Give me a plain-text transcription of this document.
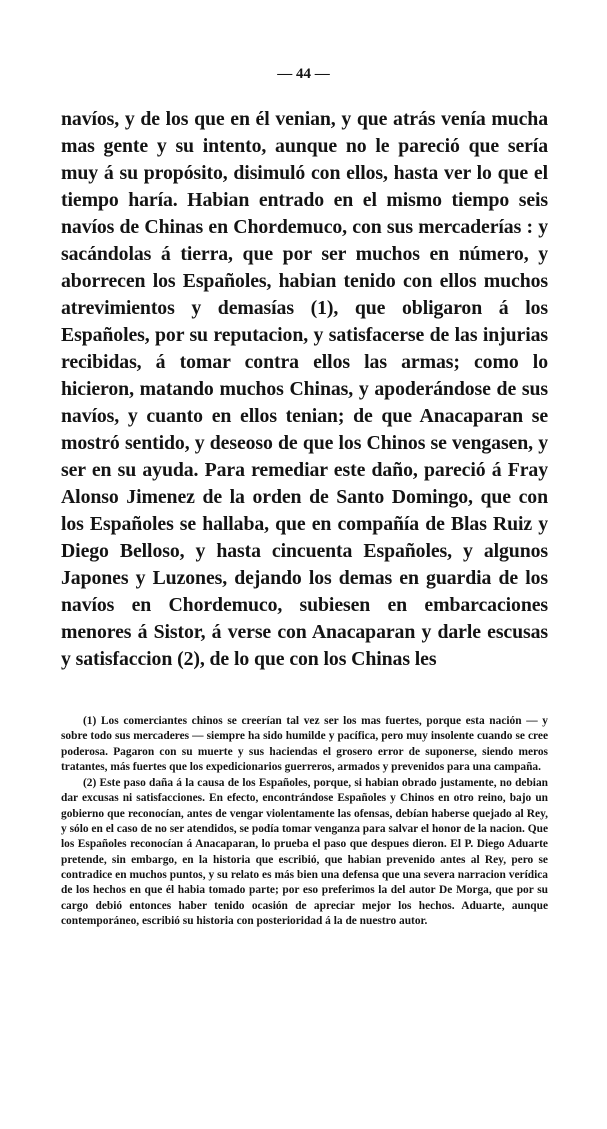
— 44 —

navíos, y de los que en él venian, y que atrás venía mucha mas gente y su intento, aunque no le pareció que sería muy á su propósito, disimuló con ellos, hasta ver lo que el tiempo haría. Habian entrado en el mismo tiempo seis navíos de Chinas en Chordemuco, con sus mercaderías : y sacándolas á tierra, que por ser muchos en número, y aborrecen los Españoles, habian tenido con ellos muchos atrevimientos y demasías (1), que obligaron á los Españoles, por su reputacion, y satisfacerse de las injurias recibidas, á tomar contra ellos las armas; como lo hicieron, matando muchos Chinas, y apoderándose de sus navíos, y cuanto en ellos tenian; de que Anacaparan se mostró sentido, y deseoso de que los Chinos se vengasen, y ser en su ayuda. Para remediar este daño, pareció á Fray Alonso Jimenez de la orden de Santo Domingo, que con los Españoles se hallaba, que en compañía de Blas Ruiz y Diego Belloso, y hasta cincuenta Españoles, y algunos Japones y Luzones, dejando los demas en guardia de los navíos en Chordemuco, subiesen en embarcaciones menores á Sistor, á verse con Anacaparan y darle escusas y satisfaccion (2), de lo que con los Chinas les

(1) Los comerciantes chinos se creerían tal vez ser los mas fuertes, porque esta nación — y sobre todo sus mercaderes — siempre ha sido humilde y pacífica, pero muy insolente cuando se cree poderosa. Pagaron con su muerte y sus haciendas el grosero error de suponerse, siendo meros tratantes, más fuertes que los expedicionarios guerreros, armados y prevenidos para una campaña.

(2) Este paso daña á la causa de los Españoles, porque, si habian obrado justamente, no debian dar excusas ni satisfacciones. En efecto, encontrándose Españoles y Chinos en otro reino, bajo un gobierno que reconocían, antes de vengar violentamente las ofensas, debían haberse quejado al Rey, y sólo en el caso de no ser atendidos, se podía tomar venganza para salvar el honor de la nacion. Que los Españoles reconocían á Anacaparan, lo prueba el paso que despues dieron. El P. Diego Aduarte pretende, sin embargo, en la historia que escribió, que habian prevenido antes al Rey, pero se contradice en muchos puntos, y su relato es más bien una defensa que una severa narracion verídica de los hechos en que él habia tomado parte; por eso preferimos la del autor De Morga, que por su cargo debió entonces haber tenido ocasión de apreciar mejor los hechos. Aduarte, aunque contemporáneo, escribió su historia con posterioridad á la de nuestro autor.
